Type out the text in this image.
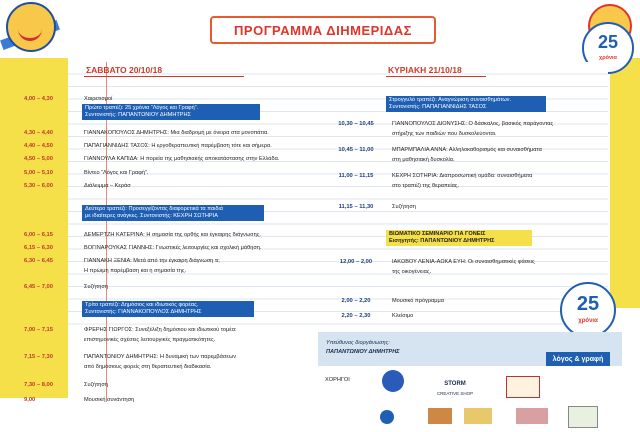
ΠΡΟΓΡΑΜΜΑ ΔΙΗΜΕΡΙΔΑΣ
25
χρόνια
ΣΑΒΒΑΤΟ 20/10/18	ΚΥΡΙΑΚΗ 21/10/18
4,00 – 4,30	Χαιρετισμοί
Πρώτο τραπέζι: 25 χρόνια “Λόγος και Γραφή”.
Συντονιστής: ΠΑΠΑΝΤΩΝΙΟΥ ΔΗΜΗΤΡΗΣ
4,30 – 4,40	ΓΙΑΝΝΑΚΟΠΟΥΛΟΣ ΔΗΜΗΤΡΗΣ: Μια διαδρομή με όνειρα στα μονοπάτια.
4,40 – 4,50	ΠΑΠΑΓΙΑΝΝΙΔΗΣ ΤΑΣΟΣ: Η εργοθεραπευτική παρέμβαση τότε και σήμερα.
4,50 – 5,00	ΓΙΑΝΝΟΥΛΑ ΚΑΠΙΔΑ: Η πορεία της μαθησιακής αποκατάστασης στην Ελλάδα.
5,00 – 5,10	Βίντεο “Λόγος και Γραφή”.
5,30 – 6,00	Διάλειμμα – Κεράσ
Δεύτερο τραπέζι: Προσεγγίζοντας διαφορετικά τα παιδιά
με ιδιαίτερες ανάγκες. Συντονιστής: ΚΕΧΡΗ ΣΩΤΗΡΙΑ
6,00 – 6,15	ΔΕΜΕΡΤΖΗ ΚΑΤΕΡΙΝΑ: Η σημασία της ορθής και έγκαιρης διάγνωσης.
6,15 – 6,30	ΒΟΓΙΝΑΡΟΥΚΑΣ ΓΙΑΝΝΗΣ: Γνωστικές λειτουργίες και σχολική μάθηση.
6,30 – 6,45	ΓΙΑΝΝΑΚΗ ΞΕΝΙΑ: Μετά από την έγκαιρη διάγνωση τι;
Η πρώιμη παρέμβαση και η σημασία της.
6,45 – 7,00	Συζήτηση
Τρίτο τραπέζι: Δημόσιος και ιδιωτικός φορέας.
Συντονιστής: ΓΙΑΝΝΑΚΟΠΟΥΛΟΣ ΔΗΜΗΤΡΗΣ
7,00 – 7,15	ΦΡΕΡΗΣ ΓΙΩΡΓΟΣ: Συνεξέλιξη δημόσιου και ιδιωτικού τομέα:
επιστημονικές σχέσεις λειτουργικές πραγματικότητες.
7,15 – 7,30	ΠΑΠΑΝΤΩΝΙΟΥ ΔΗΜΗΤΡΗΣ: Η δυναμική των παρεμβάσεων
από δημόσιους φορείς στη θεραπευτική διαδικασία.
7,30 – 8,00	Συζήτηση
9,00	Μουσική συνάντηση
Στρογγυλό τραπέζι: Αναγνώριση συναισθημάτων.
Συντονιστής: ΠΑΠΑΓΙΑΝΝΙΔΗΣ ΤΑΣΟΣ
10,30 – 10,45	ΓΙΑΝΝΟΠΟΥΛΟΣ ΔΙΟΝΥΣΗΣ: Ο δάσκαλος, βασικός παράγοντας
στήριξης των παιδιών που δυσκολεύονται.
10,45 – 11,00	ΜΠΑΡΜΠΑΛΙΑ ΑΝΝΑ: Αλληλοκαθορισμός και συναισθήματα
στη μαθησιακή δυσκολία.
11,00 – 11,15	ΚΕΧΡΗ ΣΩΤΗΡΙΑ: Διαπροσωπική ομάδα: συναισθήματα
στο τραπέζι της θεραπείας.
11,15 – 11,30	Συζήτηση
ΒΙΩΜΑΤΙΚΟ ΣΕΜΙΝΑΡΙΟ ΓΙΑ ΓΟΝΕΙΣ
Εισηγητής: ΠΑΠΑΝΤΩΝΙΟΥ ΔΗΜΗΤΡΗΣ
12,00 – 2,00	ΙΑΚΩΒΟΥ ΛΕΝΙΑ-ΑΩΚΑ ΕΥΗ: Οι συναισθηματικές φάσεις
της οικογένειας.
2,00 – 2,20	Μουσικό πρόγραμμα
2,20 – 2,30	Κλείσιμο
25
χρόνια
Υπεύθυνος διοργάνωσης:
ΠΑΠΑΝΤΩΝΙΟΥ ΔΗΜΗΤΡΗΣ
λόγος & γραφή
ΧΟΡΗΓΟΙ
STORM
CREATIVE SHOP
